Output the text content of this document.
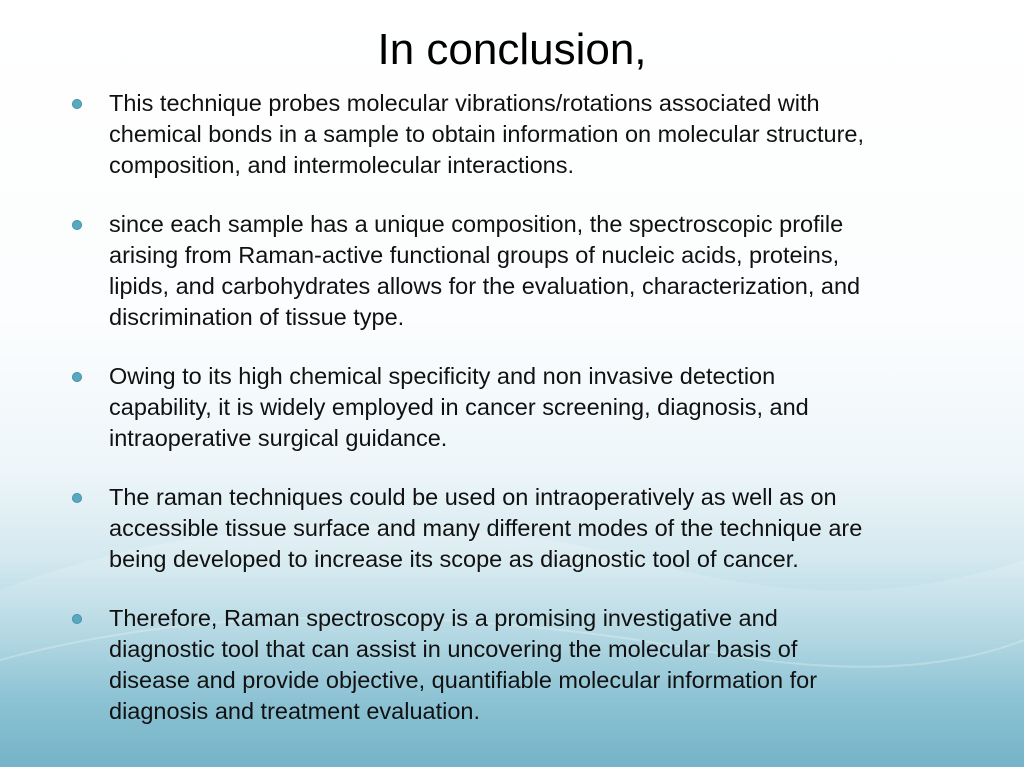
In conclusion,
This technique probes molecular vibrations/rotations associated with
chemical bonds in a sample to obtain information on molecular structure,
composition, and intermolecular interactions.
since each sample has a unique composition, the spectroscopic profile
arising from Raman-active functional groups of nucleic acids, proteins,
lipids, and carbohydrates allows for the evaluation, characterization, and
discrimination of tissue type.
Owing to its high chemical specificity and non invasive detection
capability, it is widely employed in cancer screening, diagnosis, and
intraoperative surgical guidance.
The raman techniques could be used on intraoperatively as well as on
accessible tissue surface and many different modes of the technique are
being developed to increase its scope as diagnostic tool of cancer.
Therefore, Raman spectroscopy is a promising investigative and
diagnostic tool that can assist in uncovering the molecular basis of
disease and provide objective, quantifiable molecular information for
diagnosis and treatment evaluation.
